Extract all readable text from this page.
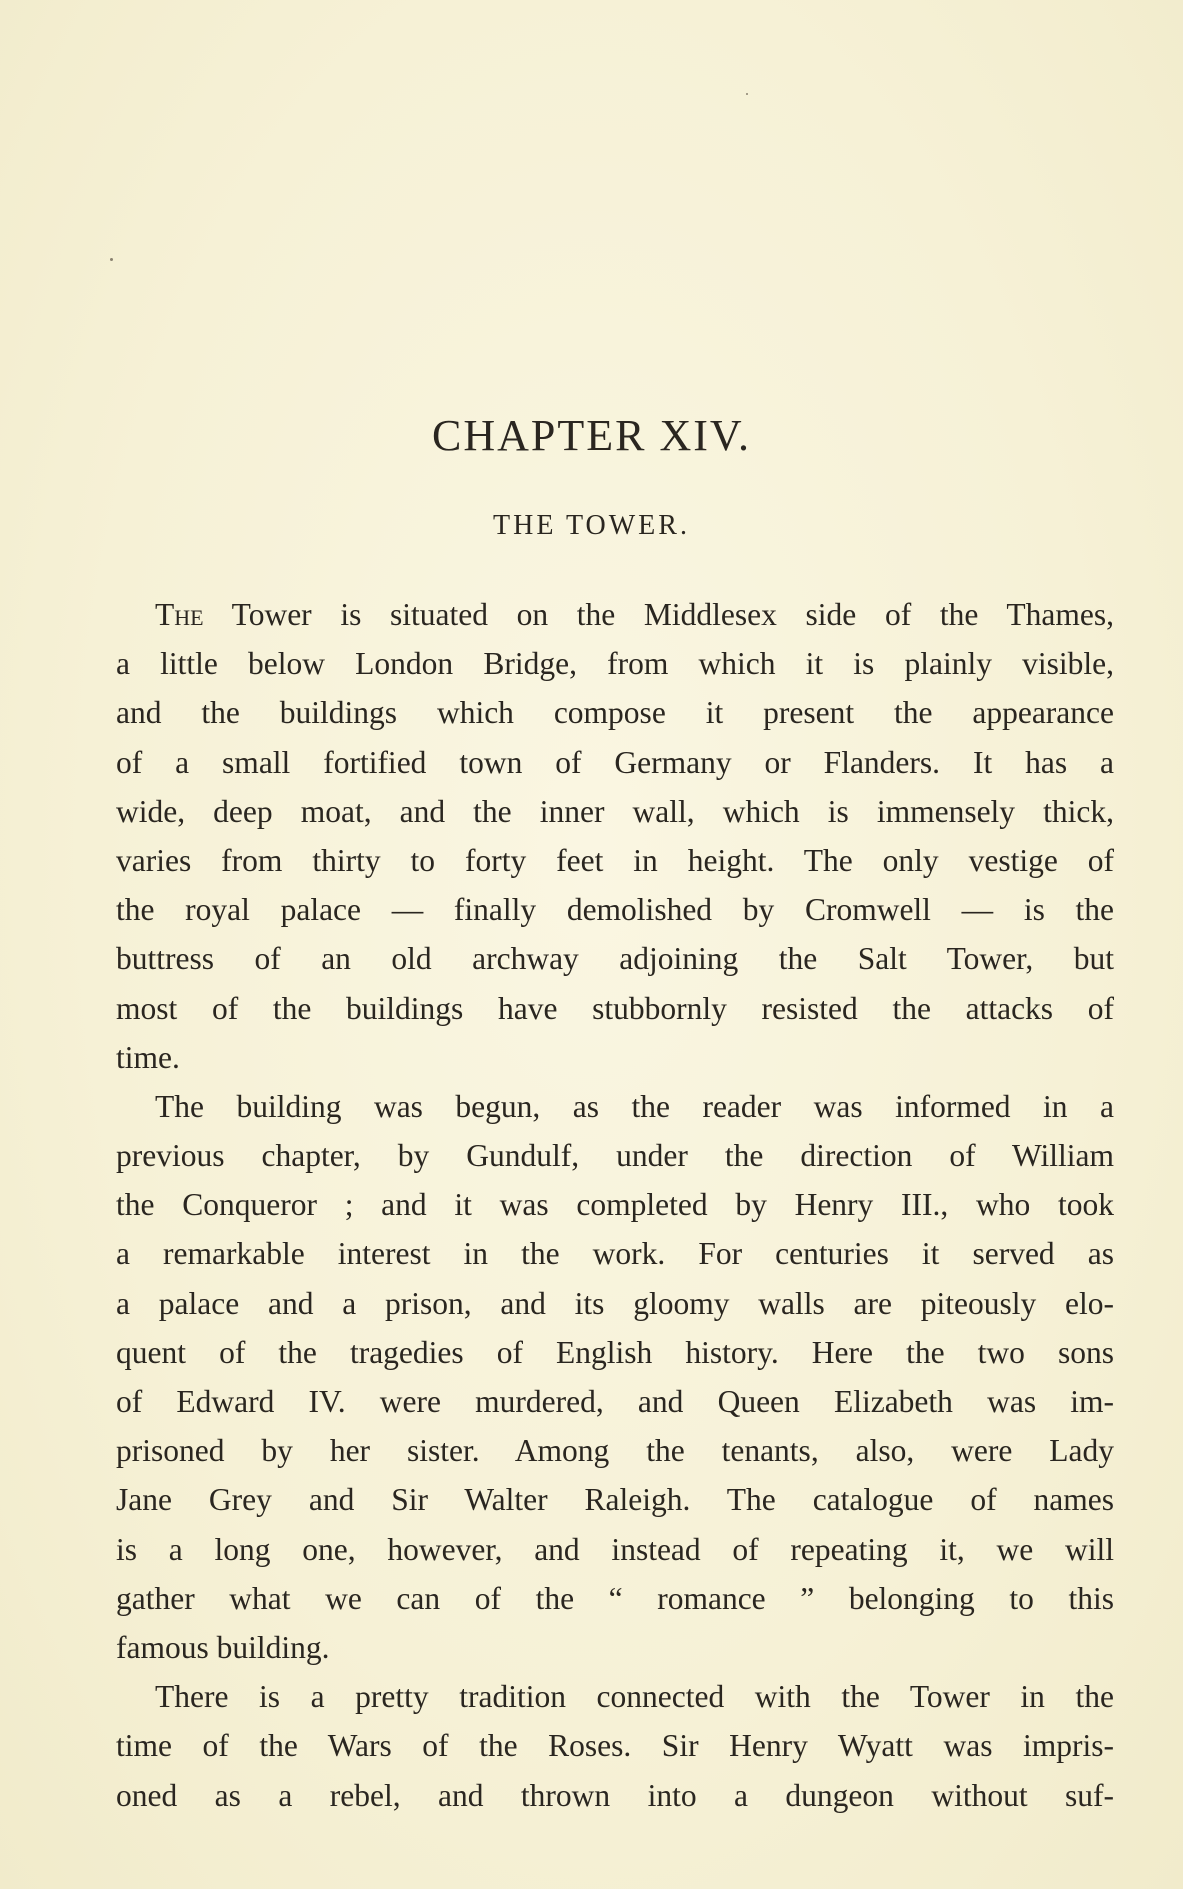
CHAPTER XIV.
THE TOWER.
The Tower is situated on the Middlesex side of the Thames,
a little below London Bridge, from which it is plainly visible,
and the buildings which compose it present the appearance
of a small fortified town of Germany or Flanders. It has a
wide, deep moat, and the inner wall, which is immensely thick,
varies from thirty to forty feet in height. The only vestige of
the royal palace — finally demolished by Cromwell — is the
buttress of an old archway adjoining the Salt Tower, but
most of the buildings have stubbornly resisted the attacks of
time.
The building was begun, as the reader was informed in a
previous chapter, by Gundulf, under the direction of William
the Conqueror ; and it was completed by Henry III., who took
a remarkable interest in the work. For centuries it served as
a palace and a prison, and its gloomy walls are piteously elo-
quent of the tragedies of English history. Here the two sons
of Edward IV. were murdered, and Queen Elizabeth was im-
prisoned by her sister. Among the tenants, also, were Lady
Jane Grey and Sir Walter Raleigh. The catalogue of names
is a long one, however, and instead of repeating it, we will
gather what we can of the “ romance ” belonging to this
famous building.
There is a pretty tradition connected with the Tower in the
time of the Wars of the Roses. Sir Henry Wyatt was impris-
oned as a rebel, and thrown into a dungeon without suf-
